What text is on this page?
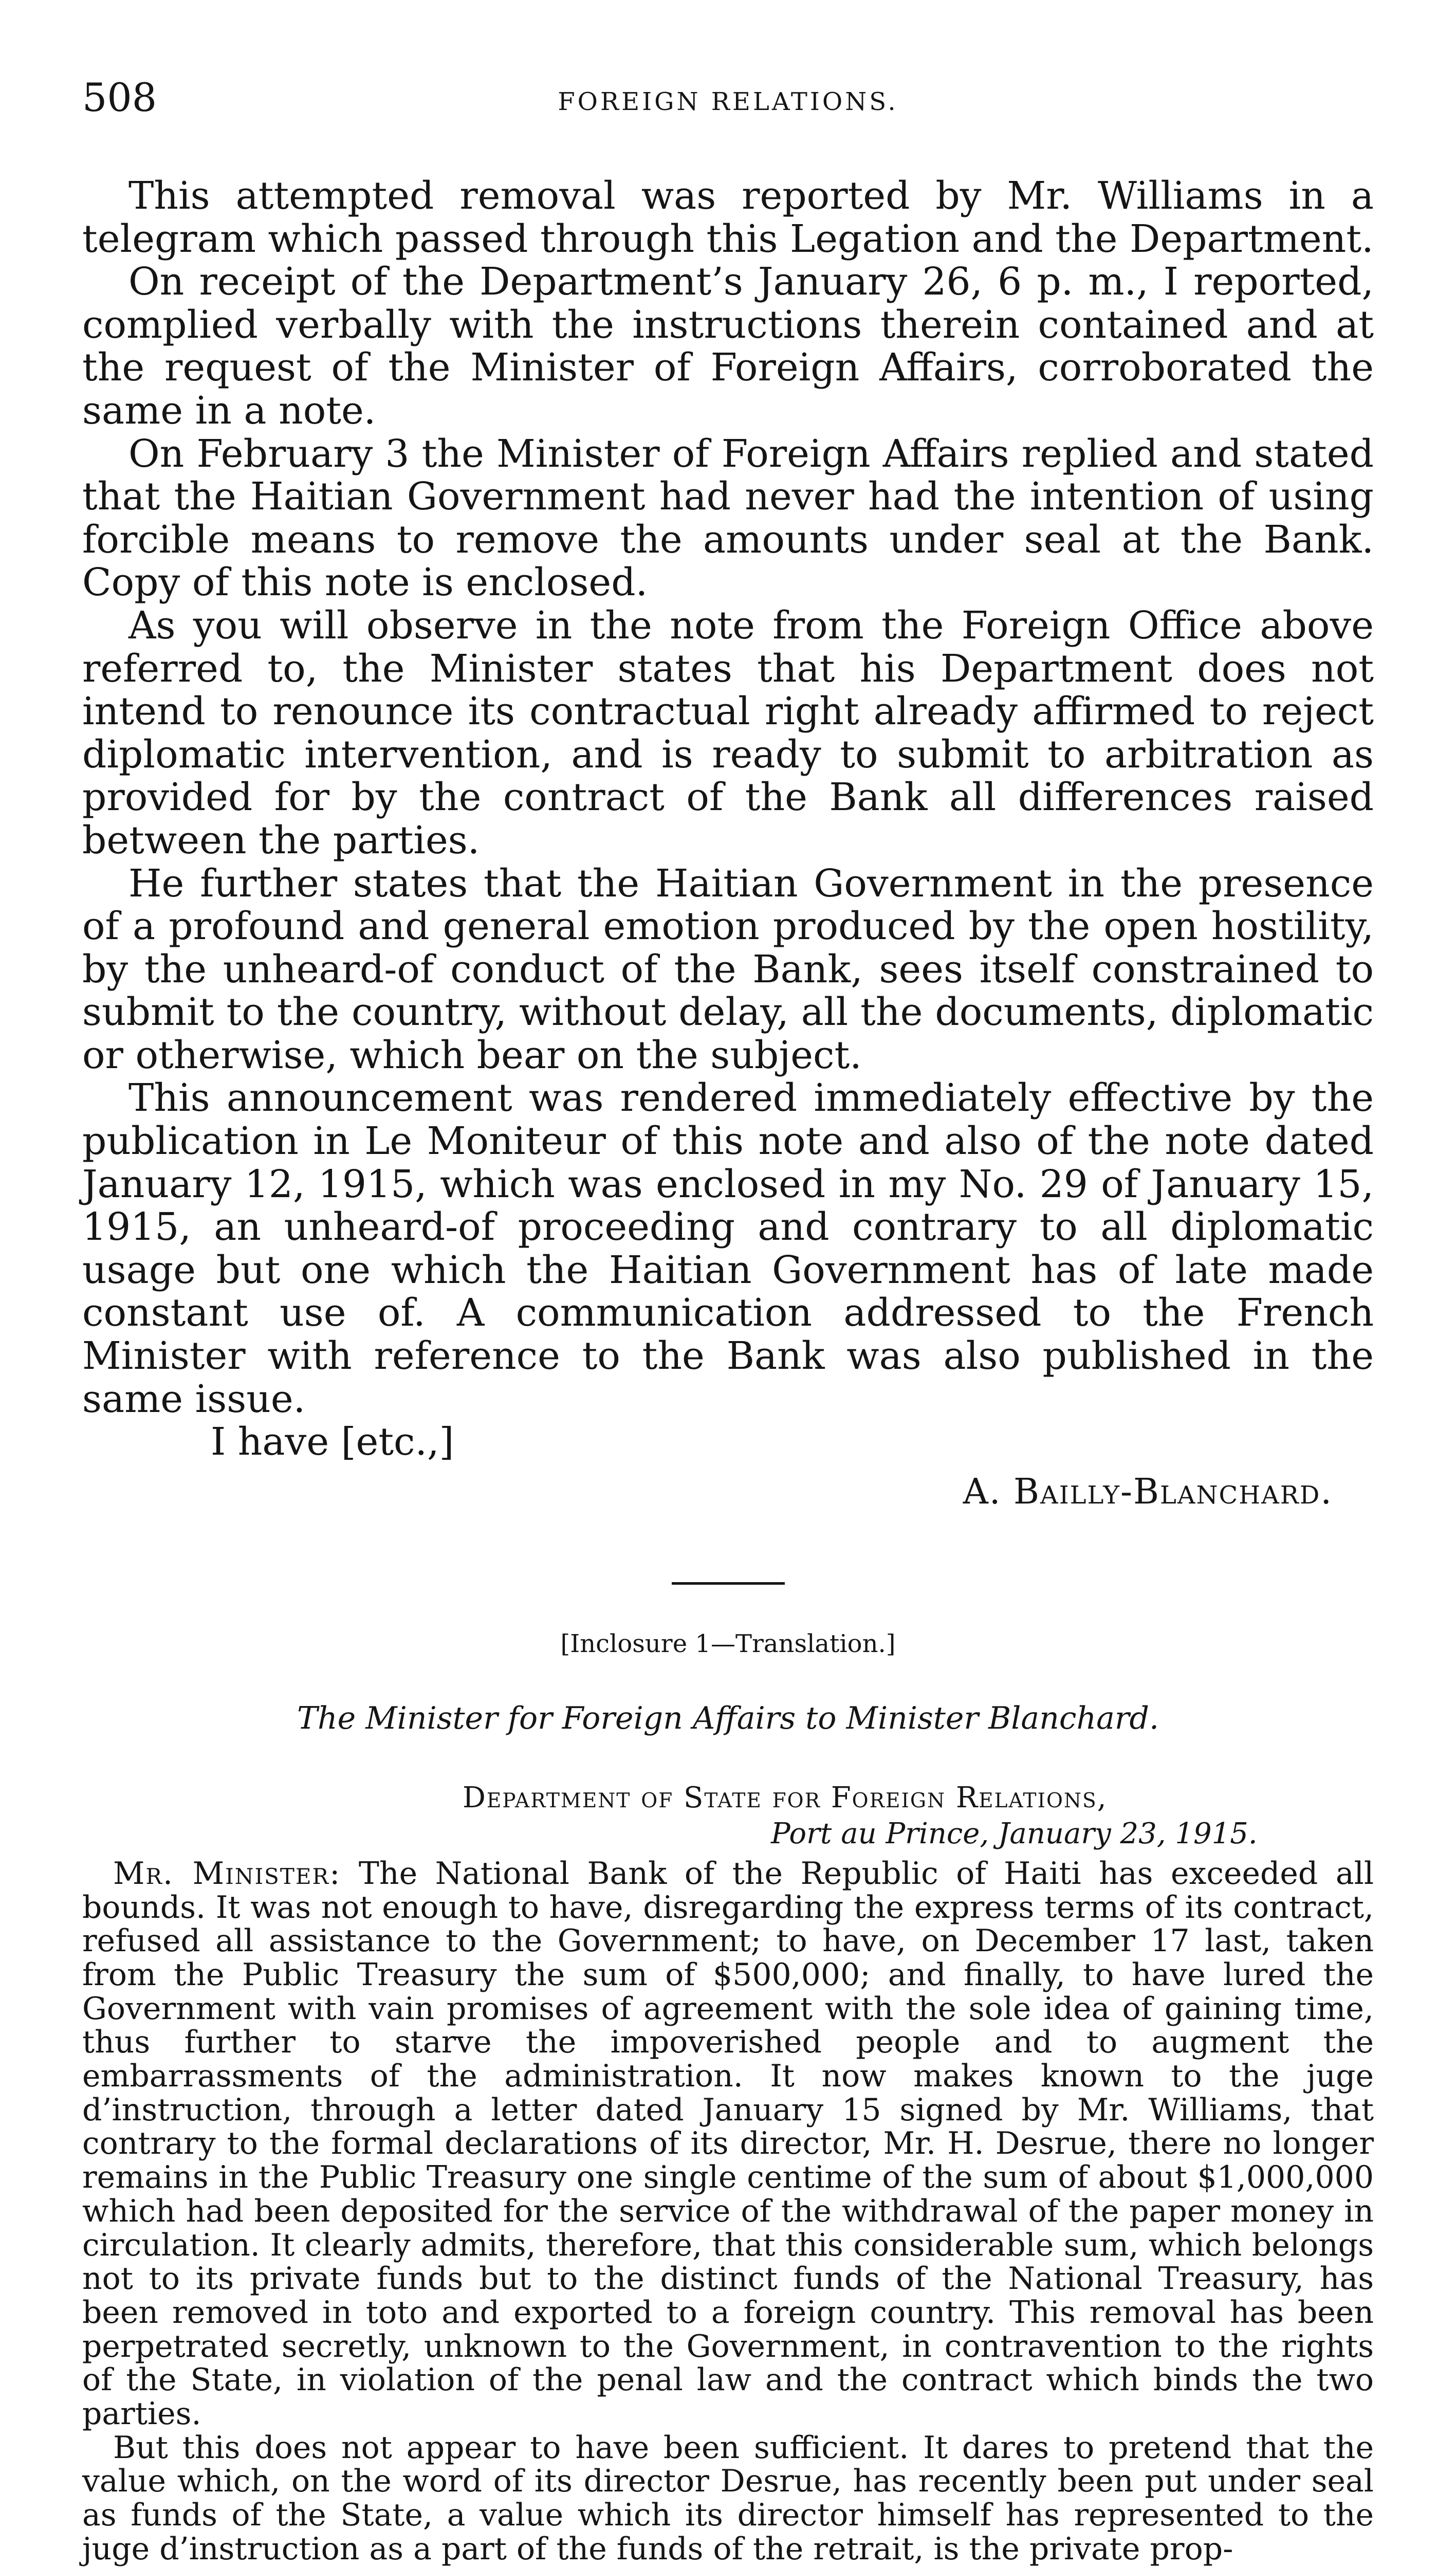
508	FOREIGN RELATIONS.

This attempted removal was reported by Mr. Williams in a telegram which passed through this Legation and the Department.

On receipt of the Department’s January 26, 6 p. m., I reported, complied verbally with the instructions therein contained and at the request of the Minister of Foreign Affairs, corroborated the same in a note.

On February 3 the Minister of Foreign Affairs replied and stated that the Haitian Government had never had the intention of using forcible means to remove the amounts under seal at the Bank. Copy of this note is enclosed.

As you will observe in the note from the Foreign Office above referred to, the Minister states that his Department does not intend to renounce its contractual right already affirmed to reject diplomatic intervention, and is ready to submit to arbitration as provided for by the contract of the Bank all differences raised between the parties.

He further states that the Haitian Government in the presence of a profound and general emotion produced by the open hostility, by the unheard-of conduct of the Bank, sees itself constrained to submit to the country, without delay, all the documents, diplomatic or otherwise, which bear on the subject.

This announcement was rendered immediately effective by the publication in Le Moniteur of this note and also of the note dated January 12, 1915, which was enclosed in my No. 29 of January 15, 1915, an unheard-of proceeding and contrary to all diplomatic usage but one which the Haitian Government has of late made constant use of. A communication addressed to the French Minister with reference to the Bank was also published in the same issue.

I have [etc.,]

A. Bailly-Blanchard.
[Inclosure 1—Translation.]
The Minister for Foreign Affairs to Minister Blanchard.
Department of State for Foreign Relations,
Port au Prince, January 23, 1915.

Mr. Minister: The National Bank of the Republic of Haiti has exceeded all bounds. It was not enough to have, disregarding the express terms of its contract, refused all assistance to the Government; to have, on December 17 last, taken from the Public Treasury the sum of $500,000; and finally, to have lured the Government with vain promises of agreement with the sole idea of gaining time, thus further to starve the impoverished people and to augment the embarrassments of the administration. It now makes known to the juge d’instruction, through a letter dated January 15 signed by Mr. Williams, that contrary to the formal declarations of its director, Mr. H. Desrue, there no longer remains in the Public Treasury one single centime of the sum of about $1,000,000 which had been deposited for the service of the withdrawal of the paper money in circulation. It clearly admits, therefore, that this considerable sum, which belongs not to its private funds but to the distinct funds of the National Treasury, has been removed in toto and exported to a foreign country. This removal has been perpetrated secretly, unknown to the Government, in contravention to the rights of the State, in violation of the penal law and the contract which binds the two parties.

But this does not appear to have been sufficient. It dares to pretend that the value which, on the word of its director Desrue, has recently been put under seal as funds of the State, a value which its director himself has represented to the juge d’instruction as a part of the funds of the retrait, is the private prop-
